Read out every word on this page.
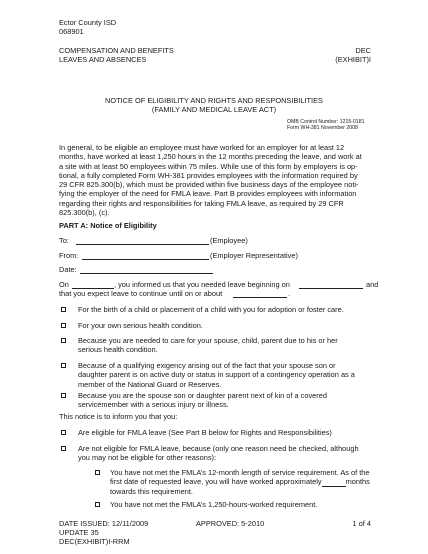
Ector County ISD
068901
COMPENSATION AND BENEFITS
LEAVES AND ABSENCES
DEC
(EXHIBIT)I
NOTICE OF ELIGIBILITY AND RIGHTS AND RESPONSIBILITIES
(FAMILY AND MEDICAL LEAVE ACT)
OMB Control Number: 1215-0181
Form WH-381 November 2008
In general, to be eligible an employee must have worked for an employer for at least 12
months, have worked at least 1,250 hours in the 12 months preceding the leave, and work at
a site with at least 50 employees within 75 miles. While use of this form by employers is op-
tional, a fully completed Form WH-381 provides employees with the information required by
29 CFR 825.300(b), which must be provided within five business days of the employee noti-
fying the employer of the need for FMLA leave. Part B provides employees with information
regarding their rights and responsibilities for taking FMLA leave, as required by 29 CFR
825.300(b), (c).
PART A: Notice of Eligibility
To:	(Employee)
From:	(Employer Representative)
Date:
On	, you informed us that you needed leave beginning on	and
that you expect leave to continue until on or about	.
For the birth of a child or placement of a child with you for adoption or foster care.
For your own serious health condition.
Because you are needed to care for your spouse, child, parent due to his or her
serious health condition.
Because of a qualifying exigency arising out of the fact that your spouse son or
daughter parent is on active duty or status in support of a contingency operation as a
member of the National Guard or Reserves.
Because you are the spouse son or daughter parent next of kin of a covered
servicemember with a serious injury or illness.
This notice is to inform you that you:
Are eligible for FMLA leave (See Part B below for Rights and Responsibilities)
Are not eligible for FMLA leave, because (only one reason need be checked, although
you may not be eligible for other reasons):
You have not met the FMLA’s 12-month length of service requirement. As of the
first date of requested leave, you will have worked approximately	months
towards this requirement.
You have not met the FMLA’s 1,250-hours-worked requirement.
DATE ISSUED: 12/11/2009
UPDATE 35
DEC(EXHIBIT)I-RRM
APPROVED: 5-2010	1 of 4
